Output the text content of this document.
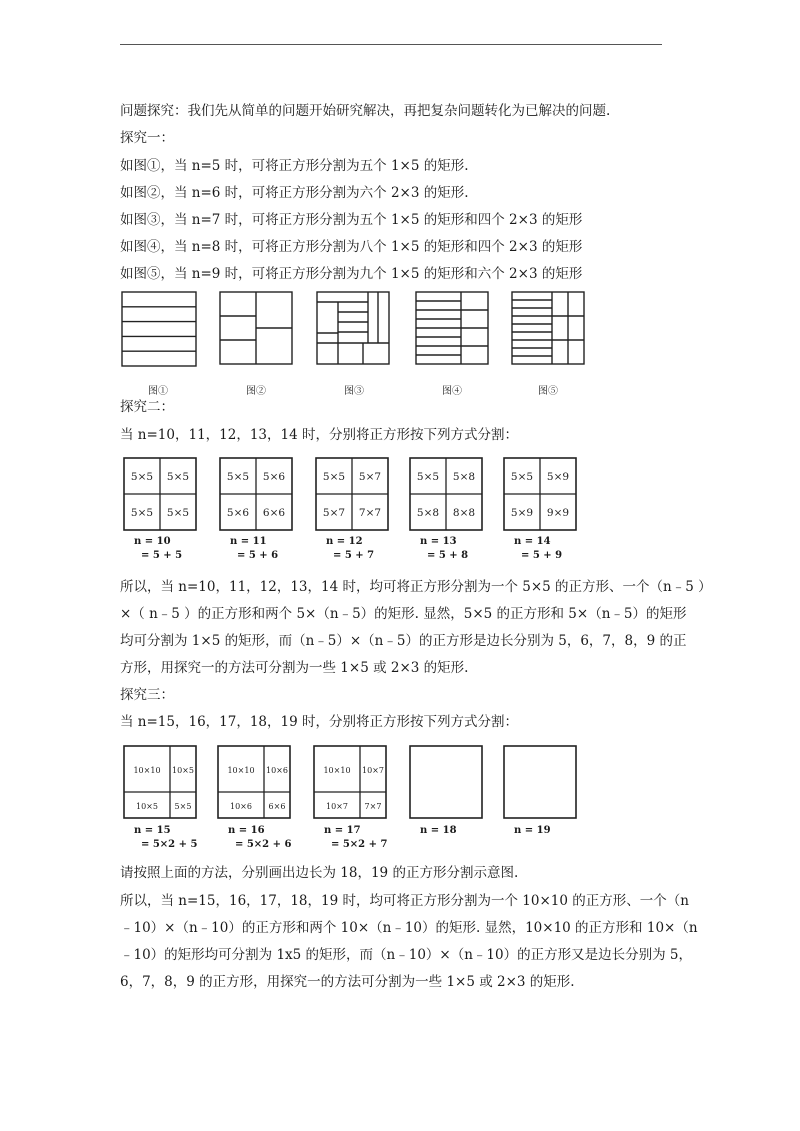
问题探究：我们先从简单的问题开始研究解决，再把复杂问题转化为已解决的问题.
探究一：
如图①，当 n=5 时，可将正方形分割为五个 1×5 的矩形.
如图②，当 n=6 时，可将正方形分割为六个 2×3 的矩形.
如图③，当 n=7 时，可将正方形分割为五个 1×5 的矩形和四个 2×3 的矩形
如图④，当 n=8 时，可将正方形分割为八个 1×5 的矩形和四个 2×3 的矩形
如图⑤，当 n=9 时，可将正方形分割为九个 1×5 的矩形和六个 2×3 的矩形
图①	图②	图③	图④	图⑤
探究二：
当 n=10，11，12，13，14 时，分别将正方形按下列方式分割：
5×5 5×5
5×5 5×5
n = 10
= 5 + 5
5×5 5×6
5×6 6×6
n = 11
= 5 + 6
5×5 5×7
5×7 7×7
n = 12
= 5 + 7
5×5 5×8
5×8 8×8
n = 13
= 5 + 8
5×5 5×9
5×9 9×9
n = 14
= 5 + 9
所以，当 n=10，11，12，13，14 时，均可将正方形分割为一个 5×5 的正方形、一个（n﹣5 ）
×（ n﹣5 ）的正方形和两个 5×（n﹣5）的矩形. 显然，5×5 的正方形和 5×（n﹣5）的矩形
均可分割为 1×5 的矩形，而（n﹣5）×（n﹣5）的正方形是边长分别为 5，6，7，8，9 的正
方形，用探究一的方法可分割为一些 1×5 或 2×3 的矩形.
探究三：
当 n=15，16，17，18，19 时，分别将正方形按下列方式分割：
10×10 10×5
10×5 5×5
n = 15
= 5×2 + 5
10×10 10×6
10×6 6×6
n = 16
= 5×2 + 6
10×10 10×7
10×7 7×7
n = 17
= 5×2 + 7
n = 18	n = 19
请按照上面的方法，分别画出边长为 18，19 的正方形分割示意图.
所以，当 n=15，16，17，18，19 时，均可将正方形分割为一个 10×10 的正方形、一个（n
﹣10）×（n﹣10）的正方形和两个 10×（n﹣10）的矩形. 显然，10×10 的正方形和 10×（n
﹣10）的矩形均可分割为 1x5 的矩形，而（n﹣10）×（n﹣10）的正方形又是边长分别为 5，
6，7，8，9 的正方形，用探究一的方法可分割为一些 1×5 或 2×3 的矩形.
